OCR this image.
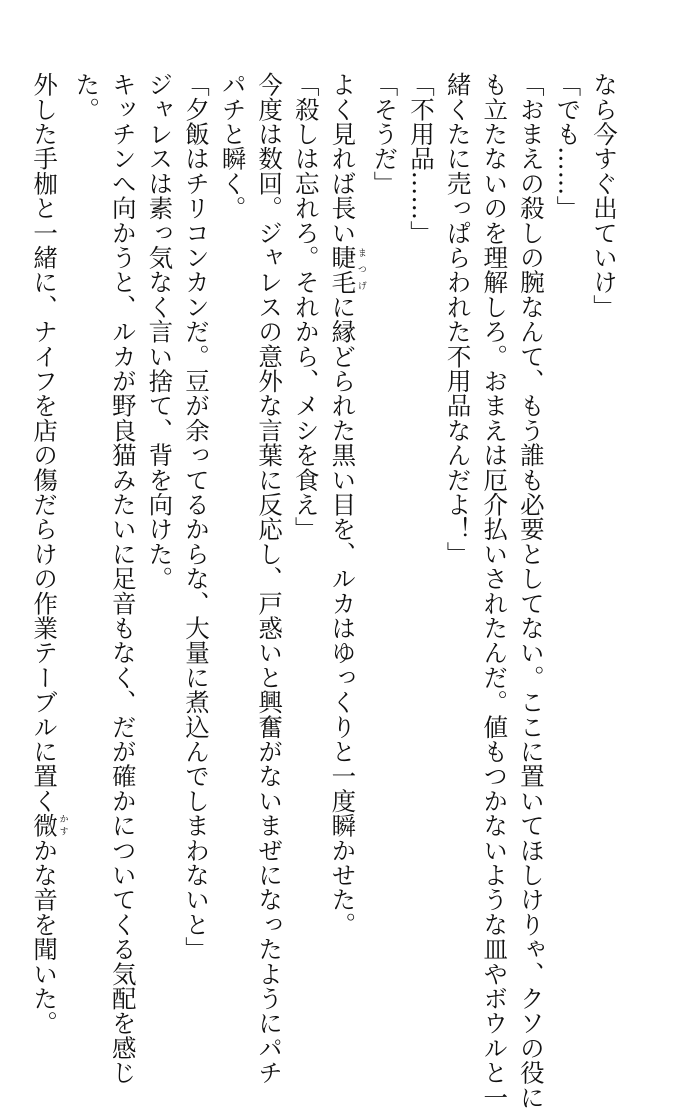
なら今すぐ出ていけ」
「でも……」
「おまえの殺しの腕なんて、もう誰も必要としてない。ここに置いてほしけりゃ、クソの役に
も立たないのを理解しろ。おまえは厄介払いされたんだ。値もつかないような皿やボウルと一
緒くたに売っぱらわれた不用品なんだよ！」
「不用品……」
「そうだ」
よく見れば長い睫毛まつげに縁どられた黒い目を、ルカはゆっくりと一度瞬かせた。
「殺しは忘れろ。それから、メシを食え」
今度は数回。ジャレスの意外な言葉に反応し、戸惑いと興奮がないまぜになったようにパチ
パチと瞬く。
「夕飯はチリコンカンだ。豆が余ってるからな、大量に煮込んでしまわないと」
ジャレスは素っ気なく言い捨て、背を向けた。
キッチンへ向かうと、ルカが野良猫みたいに足音もなく、だが確かについてくる気配を感じ
た。
外した手枷と一緒に、ナイフを店の傷だらけの作業テーブルに置く微かすかな音を聞いた。
